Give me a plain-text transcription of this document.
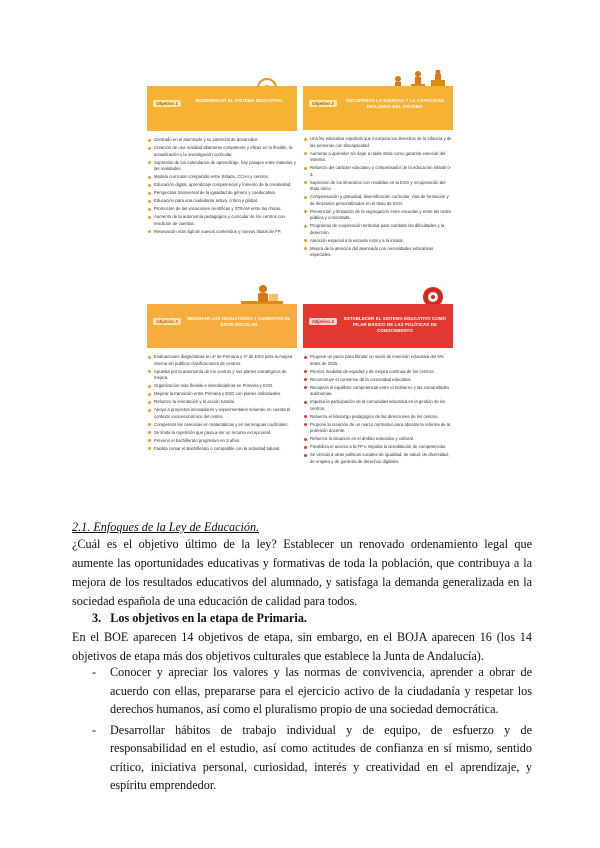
Objetivo 1
MODERNIZAR EL SISTEMA EDUCATIVO
Centrado en el alumnado y su potencial de desarrollar.
Creación de una realidad altamente competente y eficaz en lo flexible, la actualización y la investigación curricular.
Supresión de los calendarios de aprendizaje, hay pasajes entre materias y las realidades.
Modelo curricular compartido entre Estado, CCAA y centros.
Educación digital, aprendizaje competencial y fomento de la creatividad.
Perspectiva transversal de la igualdad de género y coeducativa.
Educación para una ciudadanía activa, crítica y global.
Promoción de las vocaciones científicas y STEAM entre las chicas.
Aumento de la autonomía pedagógica y curricular de los centros con rendición de cuentas.
Renovación más ágil de nuevos contenidos y nuevos títulos de FP.
Objetivo 2
RECUPERAR LA EQUIDAD Y LA CAPACIDAD INCLUSIVA DEL SISTEMA
Una ley educativa española que incorpora los derechos de la infancia y de las personas con discapacidad.
Aumento a aprender sin dejar a nadie atrás como garantía esencial del sistema.
Refuerzo del carácter educativo y compensador de la educación infantil 0-3.
Supresión de los itinerarios con revalidas en la ESO y recuperación del título único.
Compensación y gratuidad, diversificación curricular, vías de formación y de itinerarios personalizados en el título de ESO.
Prevención y limitación de la segregación entre escuelas y entre las redes pública y concertada.
Programas de cooperación territorial para combatir las dificultades y la deserción.
Atención especial a la escuela rural y a la insular.
Mejora de la atención del alumnado con necesidades educativas especiales.
Objetivo 3
MEJORAR LOS RESULTADOS Y AUMENTAR EL ÉXITO ESCOLAR
Evaluaciones diagnósticas en 4º de Primaria y 2º de ESO para la mejora interna sin publicar clasificaciones de centros.
Apuesta por la autonomía de los centros y sus planes estratégicos de mejora.
Organización más flexible e interdisciplinar en Primaria y ESO.
Mejorar la transición entre Primaria y ESO con planes individuales.
Refuerzo la orientación y la acción tutorial.
Apoyo a proyectos innovadores y experimentales teniendo en cuenta el contexto socioeconómico del centro.
Compensar las carencias en matemáticas y en las lenguas cooficiales.
Se limita la repetición que pasa a ser un recurso excepcional.
Prevenir el bachillerato progresivo en 3 años.
Facilita cursar el Bachillerato o compatible con la actividad laboral.
Objetivo 4
ESTABLECER EL SISTEMA EDUCATIVO COMO PILAR BÁSICO DE LAS POLÍTICAS DE CONOCIMIENTO
Propone un pacto para blindar un suelo de inversión educativa del 5% antes de 2025.
Prioriza medidas de equidad y de mejora continua de los centros.
Reconstruye el consenso de la comunidad educativa.
Recupera el equilibrio competencial entre el Gobierno y las comunidades autónomas.
Impulsa la participación de la comunidad educativa en la gestión de los centros.
Refuerza el liderazgo pedagógico de las direcciones de los centros.
Propone la creación de un marco normativo para abordar la reforma de la profesión docente.
Refuerza la situación en el ámbito educativo y cultural.
Flexibiliza el acceso a la FP e impulsa la acreditación de competencias.
Se vincula a otras políticas sociales de igualdad, de salud, de diversidad, de empleo y de garantía de derechos digitales.
2.1. Enfoques de la Ley de Educación.
¿Cuál es el objetivo último de la ley? Establecer un renovado ordenamiento legal que
aumente las oportunidades educativas y formativas de toda la población, que contribuya a la
mejora de los resultados educativos del alumnado, y satisfaga la demanda generalizada en la
sociedad española de una educación de calidad para todos.
3. Los objetivos en la etapa de Primaria.
En el BOE aparecen 14 objetivos de etapa, sin embargo, en el BOJA aparecen 16 (los 14
objetivos de etapa más dos objetivos culturales que establece la Junta de Andalucía).
- Conocer y apreciar los valores y las normas de convivencia, aprender a obrar de acuerdo con ellas, prepararse para el ejercicio activo de la ciudadanía y respetar los derechos humanos, así como el pluralismo propio de una sociedad democrática.
- Desarrollar hábitos de trabajo individual y de equipo, de esfuerzo y de responsabilidad en el estudio, así como actitudes de confianza en sí mismo, sentido crítico, iniciativa personal, curiosidad, interés y creatividad en el aprendizaje, y espíritu emprendedor.
